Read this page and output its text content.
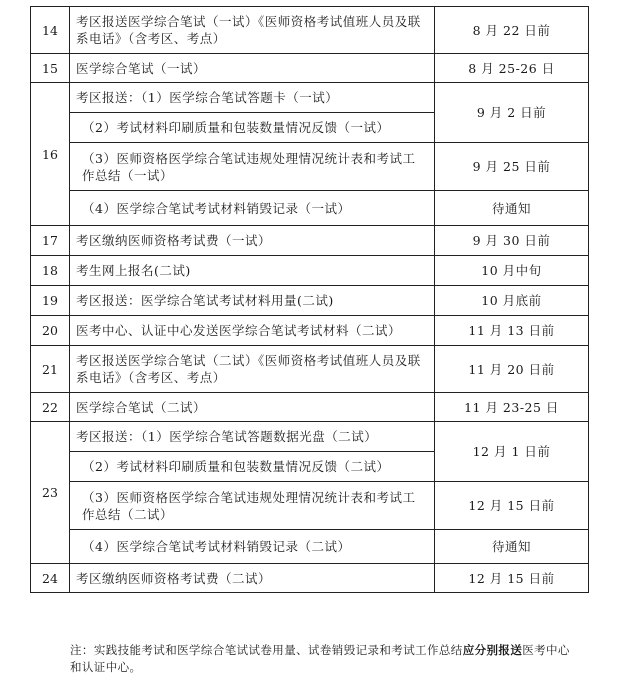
14	考区报送医学综合笔试（一试）《医师资格考试值班人员及联系电话》（含考区、考点）	8 月 22 日前
15	医学综合笔试（一试）	8 月 25-26 日
16	考区报送：（1）医学综合笔试答题卡（一试）	9 月 2 日前
	（2）考试材料印刷质量和包装数量情况反馈（一试）	
	（3）医师资格医学综合笔试违规处理情况统计表和考试工作总结（一试）	9 月 25 日前
	（4）医学综合笔试考试材料销毁记录（一试）	待通知
17	考区缴纳医师资格考试费（一试）	9 月 30 日前
18	考生网上报名(二试)	10 月中旬
19	考区报送：医学综合笔试考试材料用量(二试)	10 月底前
20	医考中心、认证中心发送医学综合笔试考试材料（二试）	11 月 13 日前
21	考区报送医学综合笔试（二试）《医师资格考试值班人员及联系电话》（含考区、考点）	11 月 20 日前
22	医学综合笔试（二试）	11 月 23-25 日
23	考区报送：（1）医学综合笔试答题数据光盘（二试）	12 月 1 日前
	（2）考试材料印刷质量和包装数量情况反馈（二试）	
	（3）医师资格医学综合笔试违规处理情况统计表和考试工作总结（二试）	12 月 15 日前
	（4）医学综合笔试考试材料销毁记录（二试）	待通知
24	考区缴纳医师资格考试费（二试）	12 月 15 日前
注：实践技能考试和医学综合笔试试卷用量、试卷销毁记录和考试工作总结应分别报送医考中心和认证中心。
